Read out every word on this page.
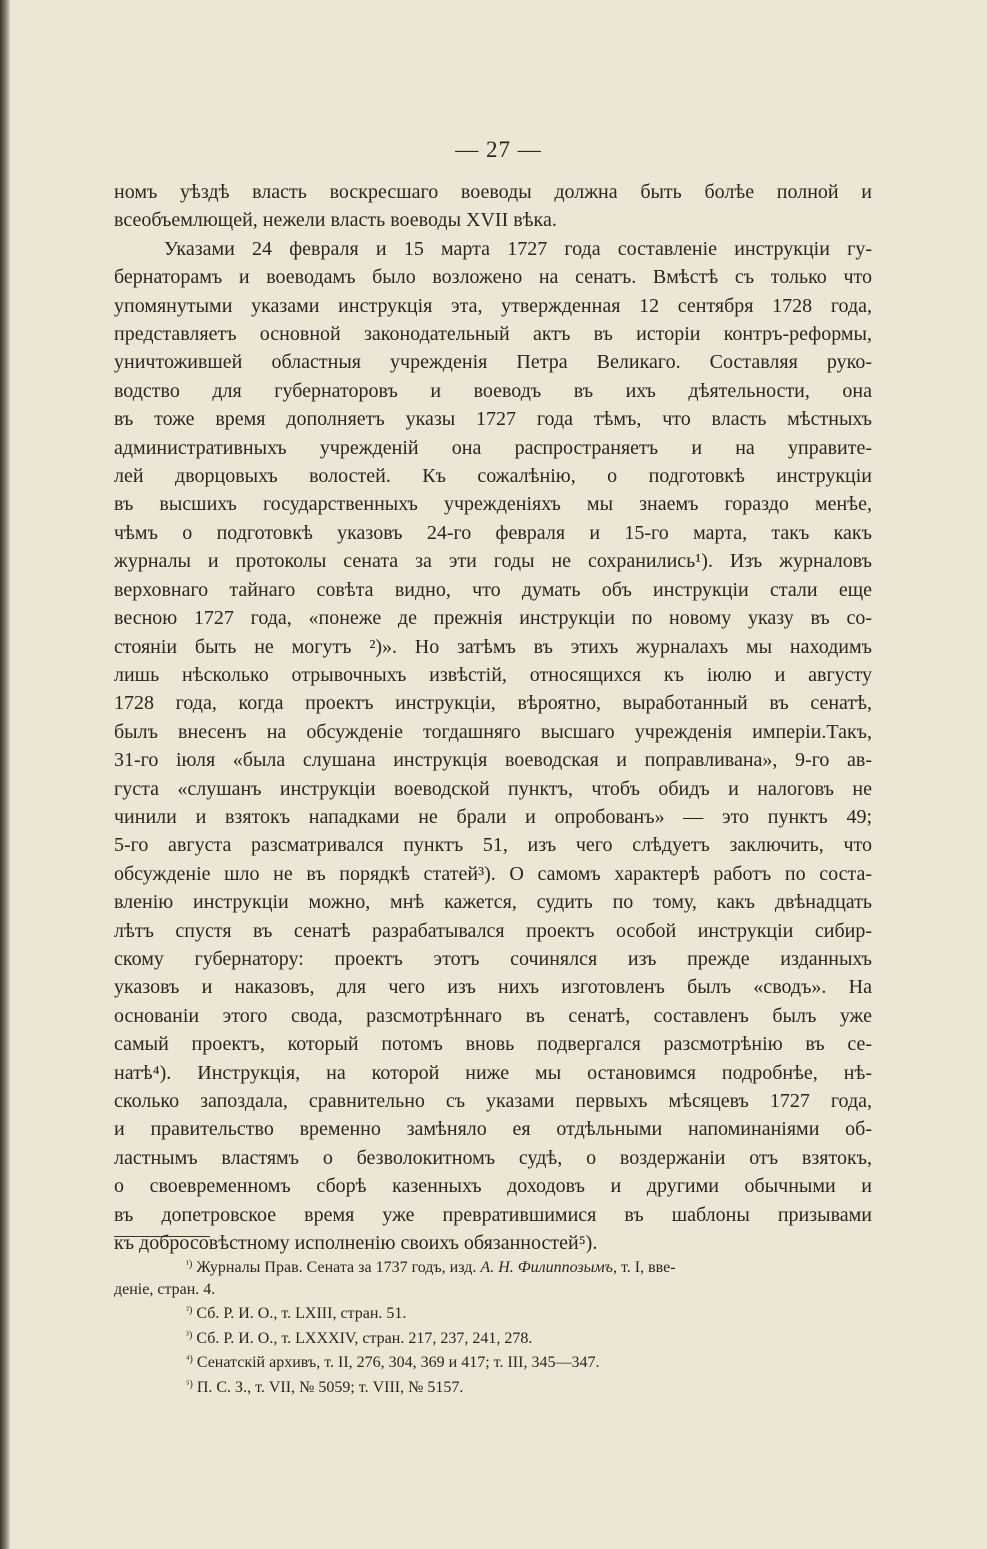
— 27 —
номъ уѣздѣ власть воскресшаго воеводы должна быть болѣе полной и
всеобъемлющей, нежели власть воеводы XVII вѣка.
Указами 24 февраля и 15 марта 1727 года составленіе инструкціи гу-
бернаторамъ и воеводамъ было возложено на сенатъ. Вмѣстѣ съ только что
упомянутыми указами инструкція эта, утвержденная 12 сентября 1728 года,
представляетъ основной законодательный актъ въ исторіи контръ-реформы,
уничтожившей областныя учрежденія Петра Великаго. Составляя руко-
водство для губернаторовъ и воеводъ въ ихъ дѣятельности, она
въ тоже время дополняетъ указы 1727 года тѣмъ, что власть мѣстныхъ
административныхъ учрежденій она распространяетъ и на управите-
лей дворцовыхъ волостей. Къ сожалѣнію, о подготовкѣ инструкціи
въ высшихъ государственныхъ учрежденіяхъ мы знаемъ гораздо менѣе,
чѣмъ о подготовкѣ указовъ 24-го февраля и 15-го марта, такъ какъ
журналы и протоколы сената за эти годы не сохранились¹). Изъ журналовъ
верховнаго тайнаго совѣта видно, что думать объ инструкціи стали еще
весною 1727 года, «понеже де прежнія инструкціи по новому указу въ со-
стояніи быть не могутъ ²)». Но затѣмъ въ этихъ журналахъ мы находимъ
лишь нѣсколько отрывочныхъ извѣстій, относящихся къ іюлю и августу
1728 года, когда проектъ инструкціи, вѣроятно, выработанный въ сенатѣ,
былъ внесенъ на обсужденіе тогдашняго высшаго учрежденія имперіи.Такъ,
31-го іюля «была слушана инструкція воеводская и поправливана», 9-го ав-
густа «слушанъ инструкціи воеводской пунктъ, чтобъ обидъ и налоговъ не
чинили и взятокъ нападками не брали и опробованъ» — это пунктъ 49;
5-го августа разсматривался пунктъ 51, изъ чего слѣдуетъ заключить, что
обсужденіе шло не въ порядкѣ статей³). О самомъ характерѣ работъ по соста-
вленію инструкціи можно, мнѣ кажется, судить по тому, какъ двѣнадцать
лѣтъ спустя въ сенатѣ разрабатывался проектъ особой инструкціи сибир-
скому губернатору: проектъ этотъ сочинялся изъ прежде изданныхъ
указовъ и наказовъ, для чего изъ нихъ изготовленъ былъ «сводъ». На
основаніи этого свода, разсмотрѣннаго въ сенатѣ, составленъ былъ уже
самый проектъ, который потомъ вновь подвергался разсмотрѣнію въ се-
натѣ⁴). Инструкція, на которой ниже мы остановимся подробнѣе, нѣ-
сколько запоздала, сравнительно съ указами первыхъ мѣсяцевъ 1727 года,
и правительство временно замѣняло ея отдѣльными напоминаніями об-
ластнымъ властямъ о безволокитномъ судѣ, о воздержаніи отъ взятокъ,
о своевременномъ сборѣ казенныхъ доходовъ и другими обычными и
въ допетровское время уже превратившимися въ шаблоны призывами
къ добросовѣстному исполненію своихъ обязанностей⁵).
$^{^1)}$ Журналы Прав. Сената за 1737 годъ, изд. А. Н. Филиппозымъ, т. I, вве-
деніе, стран. 4.
$^{^2)}$ Сб. Р. И. О., т. LXIII, стран. 51.
$^{^3)}$ Сб. Р. И. О., т. LXXXIV, стран. 217, 237, 241, 278.
$^{^4)}$ Сенатскій архивъ, т. II, 276, 304, 369 и 417; т. III, 345—347.
$^{^5)}$ П. С. З., т. VII, № 5059; т. VIII, № 5157.
